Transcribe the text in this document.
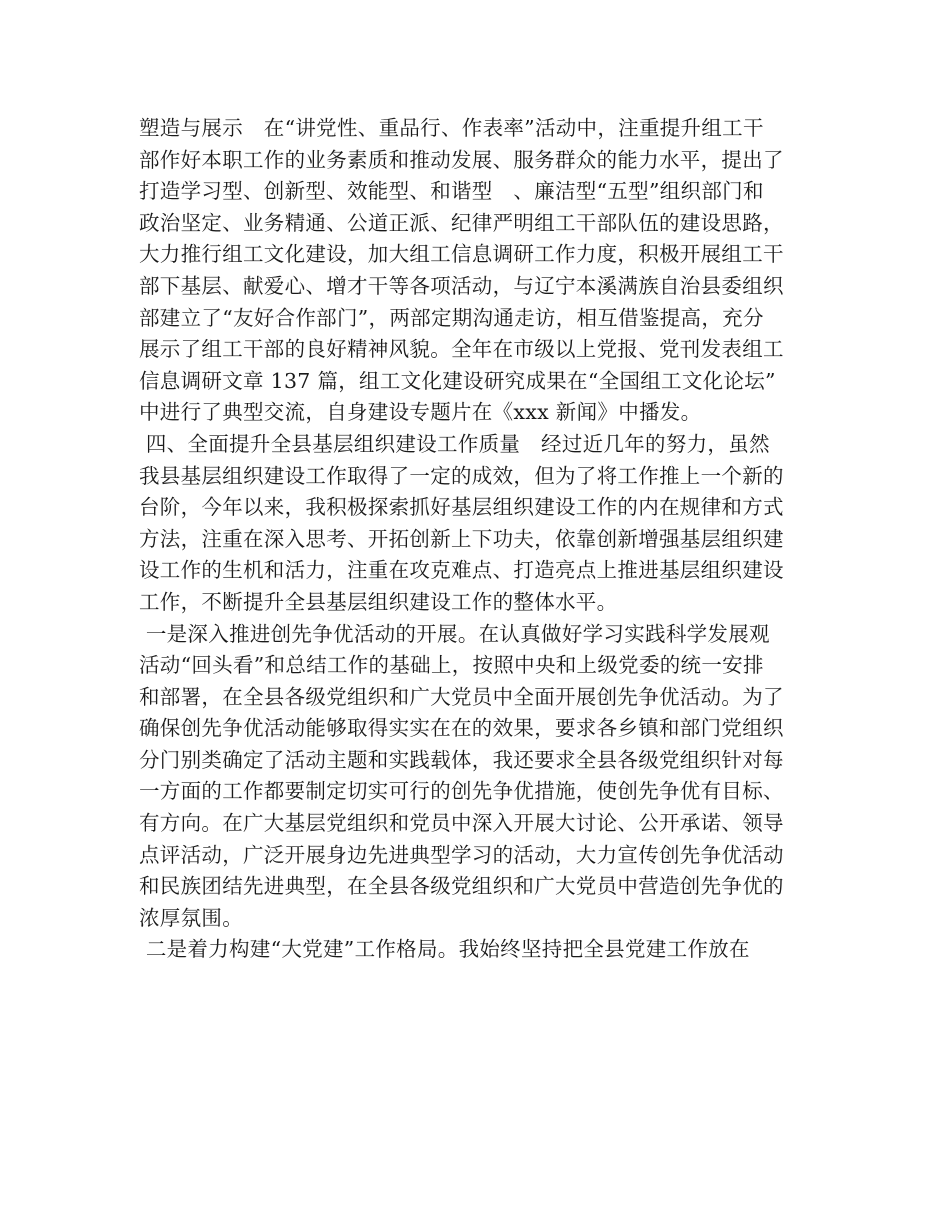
塑造与展示　在“讲党性、重品行、作表率”活动中，注重提升组工干
部作好本职工作的业务素质和推动发展、服务群众的能力水平，提出了
打造学习型、创新型、效能型、和谐型　、廉洁型“五型”组织部门和
政治坚定、业务精通、公道正派、纪律严明组工干部队伍的建设思路，
大力推行组工文化建设，加大组工信息调研工作力度，积极开展组工干
部下基层、献爱心、增才干等各项活动，与辽宁本溪满族自治县委组织
部建立了“友好合作部门”，两部定期沟通走访，相互借鉴提高，充分
展示了组工干部的良好精神风貌。全年在市级以上党报、党刊发表组工
信息调研文章 137 篇，组工文化建设研究成果在“全国组工文化论坛”
中进行了典型交流，自身建设专题片在《xxx 新闻》中播发。
四、全面提升全县基层组织建设工作质量　经过近几年的努力，虽然
我县基层组织建设工作取得了一定的成效，但为了将工作推上一个新的
台阶，今年以来，我积极探索抓好基层组织建设工作的内在规律和方式
方法，注重在深入思考、开拓创新上下功夫，依靠创新增强基层组织建
设工作的生机和活力，注重在攻克难点、打造亮点上推进基层组织建设
工作，不断提升全县基层组织建设工作的整体水平。
一是深入推进创先争优活动的开展。在认真做好学习实践科学发展观
活动“回头看”和总结工作的基础上，按照中央和上级党委的统一安排
和部署，在全县各级党组织和广大党员中全面开展创先争优活动。为了
确保创先争优活动能够取得实实在在的效果，要求各乡镇和部门党组织
分门别类确定了活动主题和实践载体，我还要求全县各级党组织针对每
一方面的工作都要制定切实可行的创先争优措施，使创先争优有目标、
有方向。在广大基层党组织和党员中深入开展大讨论、公开承诺、领导
点评活动，广泛开展身边先进典型学习的活动，大力宣传创先争优活动
和民族团结先进典型，在全县各级党组织和广大党员中营造创先争优的
浓厚氛围。
二是着力构建“大党建”工作格局。我始终坚持把全县党建工作放在
